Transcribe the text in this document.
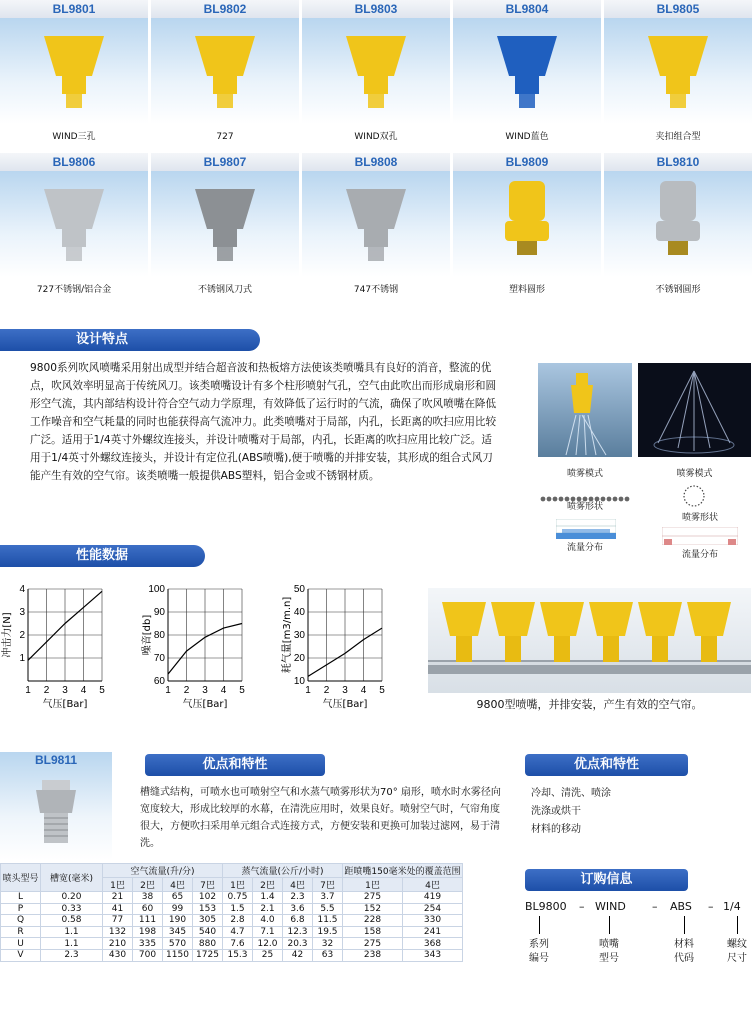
BL9801
WIND三孔
BL9802
727
BL9803
WIND双孔
BL9804
WIND蓝色
BL9805
夹扣组合型
BL9806
727不锈钢/铝合金
BL9807
不锈钢风刀式
BL9808
747不锈钢
BL9809
塑料圆形
BL9810
不锈钢圆形
设计特点
9800系列吹风喷嘴采用射出成型并结合超音波和热板熔方法使该类喷嘴具有良好的消音，整流的优点，吹风效率明显高于传统风刀。该类喷嘴设计有多个柱形喷射气孔，空气由此吹出而形成扇形和圆形空气流，其内部结构设计符合空气动力学原理，有效降低了运行时的气流，确保了吹风喷嘴在降低工作噪音和空气耗量的同时也能获得高气流冲力。此类喷嘴对于局部，内孔，长距离的吹扫应用比较广泛。适用于1/4英寸外螺纹连接头，并设计喷嘴对于局部，内孔，长距离的吹扫应用比较广泛。适用于1/4英寸外螺纹连接头，并设计有定位孔(ABS喷嘴),便于喷嘴的并排安装，其形成的组合式风刀能产生有效的空气帘。该类喷嘴一般提供ABS塑料，铝合金或不锈钢材质。	喷雾模式	喷雾模式
喷雾形状
喷雾形状
流量分布
流量分布
性能数据
1 2 3 4 5
1
2
3
4
气压[Bar]
冲击力[N]
1 2 3 4 5
60
70
80
90
100
气压[Bar]
噪音[db]
1 2 3 4 5
10
20
30
40
50
气压[Bar]
耗气量[m3/m.n]
9800型喷嘴，并排安装，产生有效的空气帘。
BL9811	优点和特性
槽缝式结构，可喷水也可喷射空气和水蒸气喷雾形状为70° 扇形，喷水时水雾径向宽度较大，形成比较厚的水幕，在清洗应用时，效果良好。喷射空气时，气帘角度很大，方便吹扫采用单元组合式连接方式，方便安装和更换可加装过滤网，易于清洗。
优点和特性
冷却、清洗、喷涂
洗涤或烘干
材料的移动
喷头型号	槽宽(毫米)	空气流量(升/分)				蒸气流量(公斤/小时)				距喷嘴150毫米处的覆盖范围	
		1巴	2巴	4巴	7巴	1巴	2巴	4巴	7巴	1巴	4巴
L	0.20	21	38	65	102	0.75	1.4	2.3	3.7	275	419
P	0.33	41	60	99	153	1.5	2.1	3.6	5.5	152	254
Q	0.58	77	111	190	305	2.8	4.0	6.8	11.5	228	330
R	1.1	132	198	345	540	4.7	7.1	12.3	19.5	158	241
U	1.1	210	335	570	880	7.6	12.0	20.3	32	275	368
V	2.3	430	700	1150	1725	15.3	25	42	63	238	343
订购信息
BL9800
系列
编号
WIND
喷嘴
型号
ABS
材料
代码
1/4
螺纹
尺寸
–	–	–
